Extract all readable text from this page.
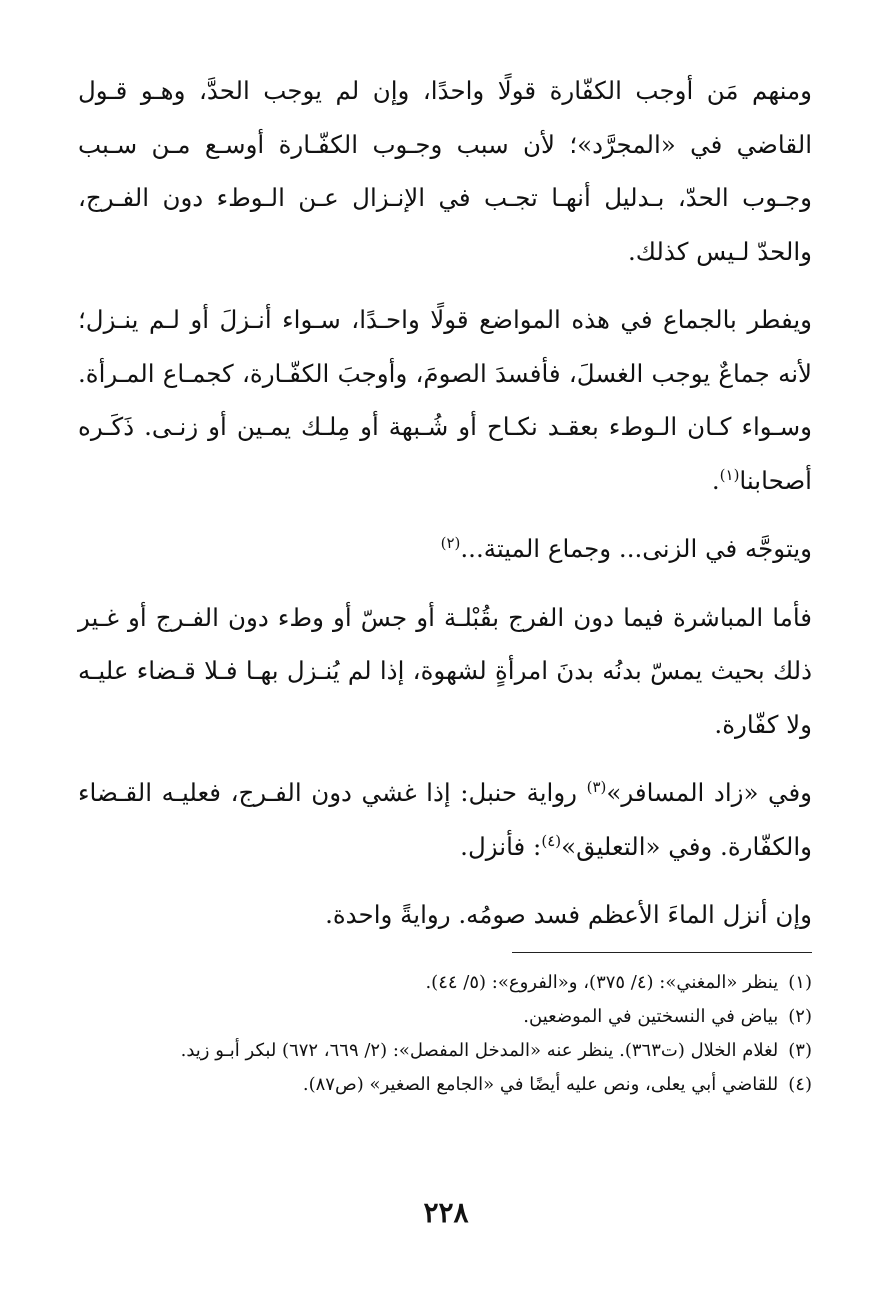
ومنهم مَن أوجب الكفّارة قولًا واحدًا، وإن لم يوجب الحدَّ، وهـو قـول القاضي في «المجرَّد»؛ لأن سبب وجـوب الكفّـارة أوسـع مـن سـبب وجـوب الحدّ، بـدليل أنهـا تجـب في الإنـزال عـن الـوطء دون الفـرج، والحدّ لـيس كذلك.

ويفطر بالجماع في هذه المواضع قولًا واحـدًا، سـواء أنـزلَ أو لـم ينـزل؛ لأنه جماعٌ يوجب الغسلَ، فأفسدَ الصومَ، وأوجبَ الكفّـارة، كجمـاع المـرأة. وسـواء كـان الـوطء بعقـد نكـاح أو شُـبهة أو مِلـك يمـين أو زنـى. ذَكَـره أصحابنا$^{(١)}$.

ويتوجَّه في الزنى... وجماع الميتة...$^{(٢)}$

فأما المباشرة فيما دون الفرج بقُبْلـة أو جسّ أو وطء دون الفـرج أو غـير ذلك بحيث يمسّ بدنُه بدنَ امرأةٍ لشهوة، إذا لم يُنـزل بهـا فـلا قـضاء عليـه ولا كفّارة.

وفي «زاد المسافر»$^{(٣)}$ رواية حنبل: إذا غشي دون الفـرج، فعليـه القـضاء والكفّارة. وفي «التعليق»$^{(٤)}$: فأنزل.

وإن أنزل الماءَ الأعظم فسد صومُه. روايةً واحدة.

(١)
ينظر «المغني»: (٤/ ٣٧٥)، و«الفروع»: (٥/ ٤٤).
(٢)
بياض في النسختين في الموضعين.
(٣)
لغلام الخلال (ت٣٦٣). ينظر عنه «المدخل المفصل»: (٢/ ٦٦٩، ٦٧٢) لبكر أبـو زيد.
(٤)
للقاضي أبي يعلى، ونص عليه أيضًا في «الجامع الصغير» (ص٨٧).
٢٢٨
